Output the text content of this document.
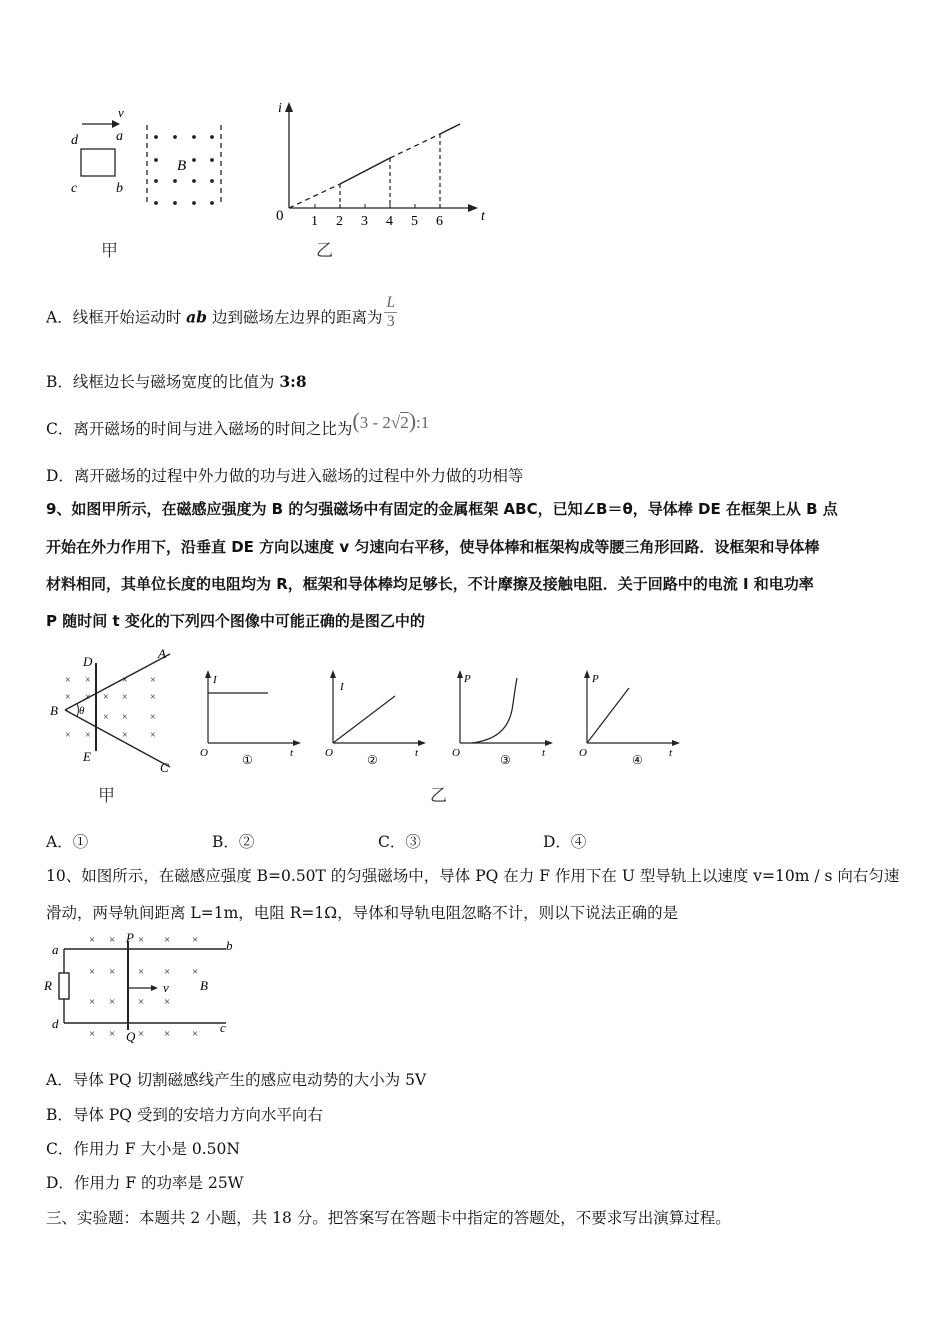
v
d	a
c	b
B
甲
i
t
0 1 2 3 4 5 6
乙
A．线框开始运动时 ab 边到磁场左边界的距离为 $\frac{L}{3}$
B．线框边长与磁场宽度的比值为 3:8
C．离开磁场的时间与进入磁场的时间之比为(3 - 2√2):1
D．离开磁场的过程中外力做的功与进入磁场的过程中外力做的功相等
9、如图甲所示，在磁感应强度为 B 的匀强磁场中有固定的金属框架 ABC，已知∠B＝θ，导体棒 DE 在框架上从 B 点
开始在外力作用下，沿垂直 DE 方向以速度 v 匀速向右平移，使导体棒和框架构成等腰三角形回路．设框架和导体棒
材料相同，其单位长度的电阻均为 R，框架和导体棒均足够长，不计摩擦及接触电阻．关于回路中的电流 I 和电功率
P 随时间 t 变化的下列四个图像中可能正确的是图乙中的
θ
D
A
B
E
C
× ×	× ×
× × × × ×
× ×
×
× ×	× ×
甲
I
O	t
①
I
O	t
②
P
O	t
③
P
O	t
④
乙
A．①	B．②	C．③	D．④
10、如图所示，在磁感应强度 B=0.50T 的匀强磁场中，导体 PQ 在力 F 作用下在 U 型导轨上以速度 v=10m / s 向右匀速
滑动，两导轨间距离 L=1m，电阻 R=1Ω，导体和导轨电阻忽略不计，则以下说法正确的是
v B
a	b
c
d
P
Q
R
× × × × ×
× × × × ×
× × × ×
× × × × ×
A．导体 PQ 切割磁感线产生的感应电动势的大小为 5V
B．导体 PQ 受到的安培力方向水平向右
C．作用力 F 大小是 0.50N
D．作用力 F 的功率是 25W
三、实验题：本题共 2 小题，共 18 分。把答案写在答题卡中指定的答题处，不要求写出演算过程。
